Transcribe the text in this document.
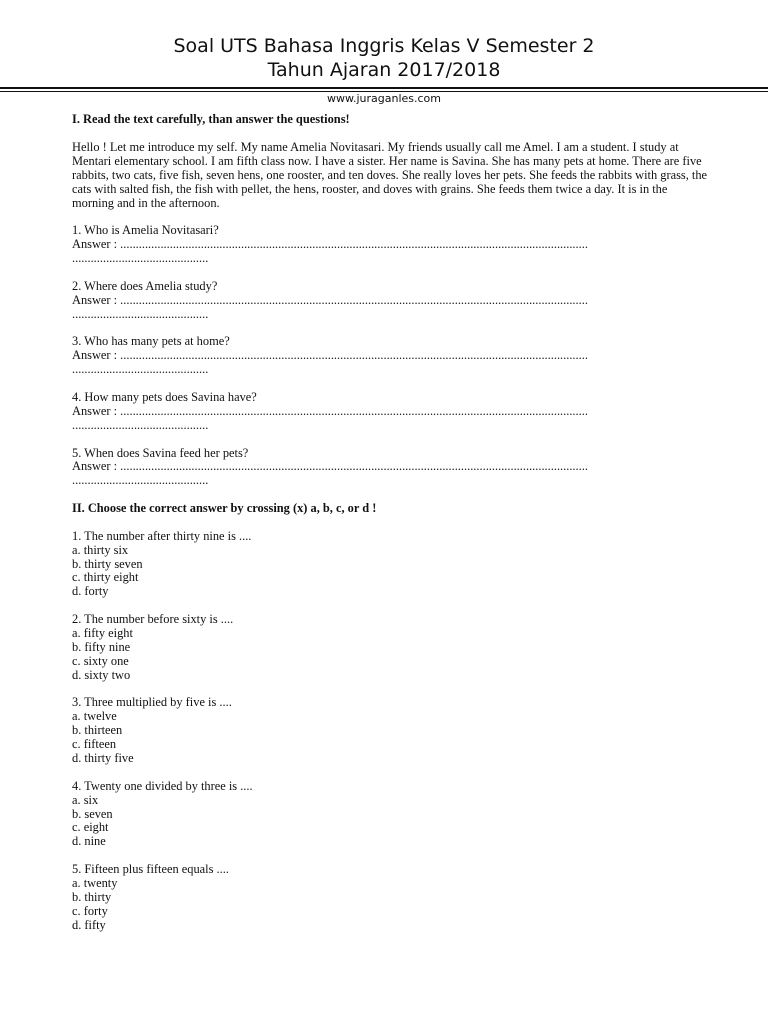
Soal UTS Bahasa Inggris Kelas V Semester 2
Tahun Ajaran 2017/2018
www.juraganles.com

I. Read the text carefully, than answer the questions!

Hello ! Let me introduce my self. My name Amelia Novitasari. My friends usually call me Amel. I am a student. I study at Mentari elementary school. I am fifth class now. I have a sister. Her name is Savina. She has many pets at home. There are five rabbits, two cats, five fish, seven hens, one rooster, and ten doves. She really loves her pets. She feeds the rabbits with grass, the cats with salted fish, the fish with pellet, the hens, rooster, and doves with grains. She feeds them twice a day. It is in the morning and in the afternoon.

1. Who is Amelia Novitasari?
Answer : .......................................................................................................................................................
............................................
2. Where does Amelia study?
Answer : .......................................................................................................................................................
............................................
3. Who has many pets at home?
Answer : .......................................................................................................................................................
............................................
4. How many pets does Savina have?
Answer : .......................................................................................................................................................
............................................
5. When does Savina feed her pets?
Answer : .......................................................................................................................................................
............................................

II. Choose the correct answer by crossing (x) a, b, c, or d !

1. The number after thirty nine is ....
a. thirty six
b. thirty seven
c. thirty eight
d. forty
2. The number before sixty is ....
a. fifty eight
b. fifty nine
c. sixty one
d. sixty two
3. Three multiplied by five is ....
a. twelve
b. thirteen
c. fifteen
d. thirty five
4. Twenty one divided by three is ....
a. six
b. seven
c. eight
d. nine
5. Fifteen plus fifteen equals ....
a. twenty
b. thirty
c. forty
d. fifty
